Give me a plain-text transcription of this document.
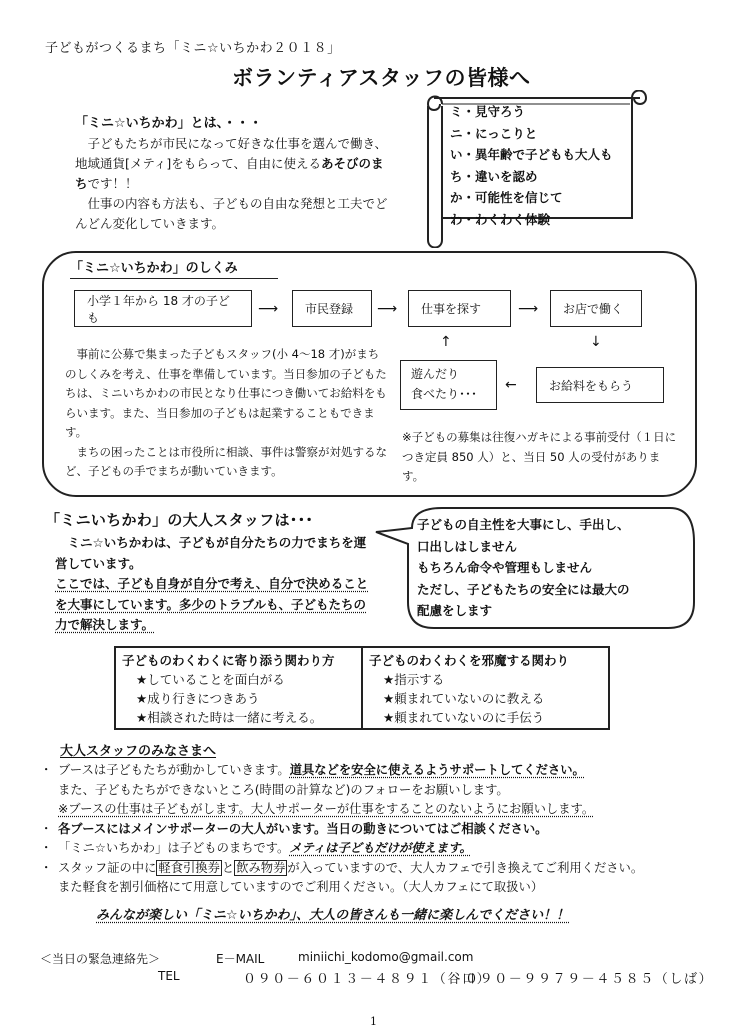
子どもがつくるまち「ミニ☆いちかわ２０１８」
ボランティアスタッフの皆様へ
「ミニ☆いちかわ」とは、・・・
　子どもたちが市民になって好きな仕事を選んで働き、地域通貨[メティ]をもらって、自由に使えるあそびのまちです！！
　仕事の内容も方法も、子どもの自由な発想と工夫でどんどん変化していきます。
ミ・見守ろう
ニ・にっこりと
い・異年齢で子どもも大人も
ち・違いを認め
か・可能性を信じて
わ・わくわく体験
「ミニ☆いちかわ」のしくみ
小学１年から 18 才の子ども
⟶	市民登録	⟶	仕事を探す	⟶	お店で働く
↓
お給料をもらう
←
遊んだり
食べたり･･･
↑
　事前に公募で集まった子どもスタッフ(小 4～18 才)がまちのしくみを考え、仕事を準備しています。当日参加の子どもたちは、ミニいちかわの市民となり仕事につき働いてお給料をもらいます。また、当日参加の子どもは起業することもできます。
　まちの困ったことは市役所に相談、事件は警察が対処するなど、子どもの手でまちが動いていきます。
※子どもの募集は往復ハガキによる事前受付（１日につき定員 850 人）と、当日 50 人の受付があります。
「ミニいちかわ」の大人スタッフは･･･
　ミニ☆いちかわは、子どもが自分たちの力でまちを運営しています。
ここでは、子ども自身が自分で考え、自分で決めることを大事にしています。多少のトラブルも、子どもたちの力で解決します。
子どもの自主性を大事にし、手出し、
口出しはしません
もちろん命令や管理もしません
ただし、子どもたちの安全には最大の
配慮をします
子どものわくわくに寄り添う関わり方
★していることを面白がる
★成り行きにつきあう
★相談された時は一緒に考える。
子どものわくわくを邪魔する関わり
★指示する
★頼まれていないのに教える
★頼まれていないのに手伝う
大人スタッフのみなさまへ
・ ブースは子どもたちが動かしていきます。道具などを安全に使えるようサポートしてください。
また、子どもたちができないところ(時間の計算など)のフォローをお願いします。
※ブースの仕事は子どもがします。大人サポーターが仕事をすることのないようにお願いします。
・ 各ブースにはメインサポーターの大人がいます。当日の動きについてはご相談ください。
・ 「ミニ☆いちかわ」は子どものまちです。メティは子どもだけが使えます。
・ スタッフ証の中に 軽食引換券 と 飲み物券 が入っていますので、大人カフェで引き換えてご利用ください。
また軽食を割引価格にて用意していますのでご利用ください。（大人カフェにて取扱い）
みんなが楽しい「ミニ☆いちかわ」、大人の皆さんも一緒に楽しんでください！！
＜当日の緊急連絡先＞	E－MAIL	miniichi_kodomo@gmail.com
TEL	０９０－６０１３－４８９１（谷口）
０９０－９９７９－４５８５（しば）
1
